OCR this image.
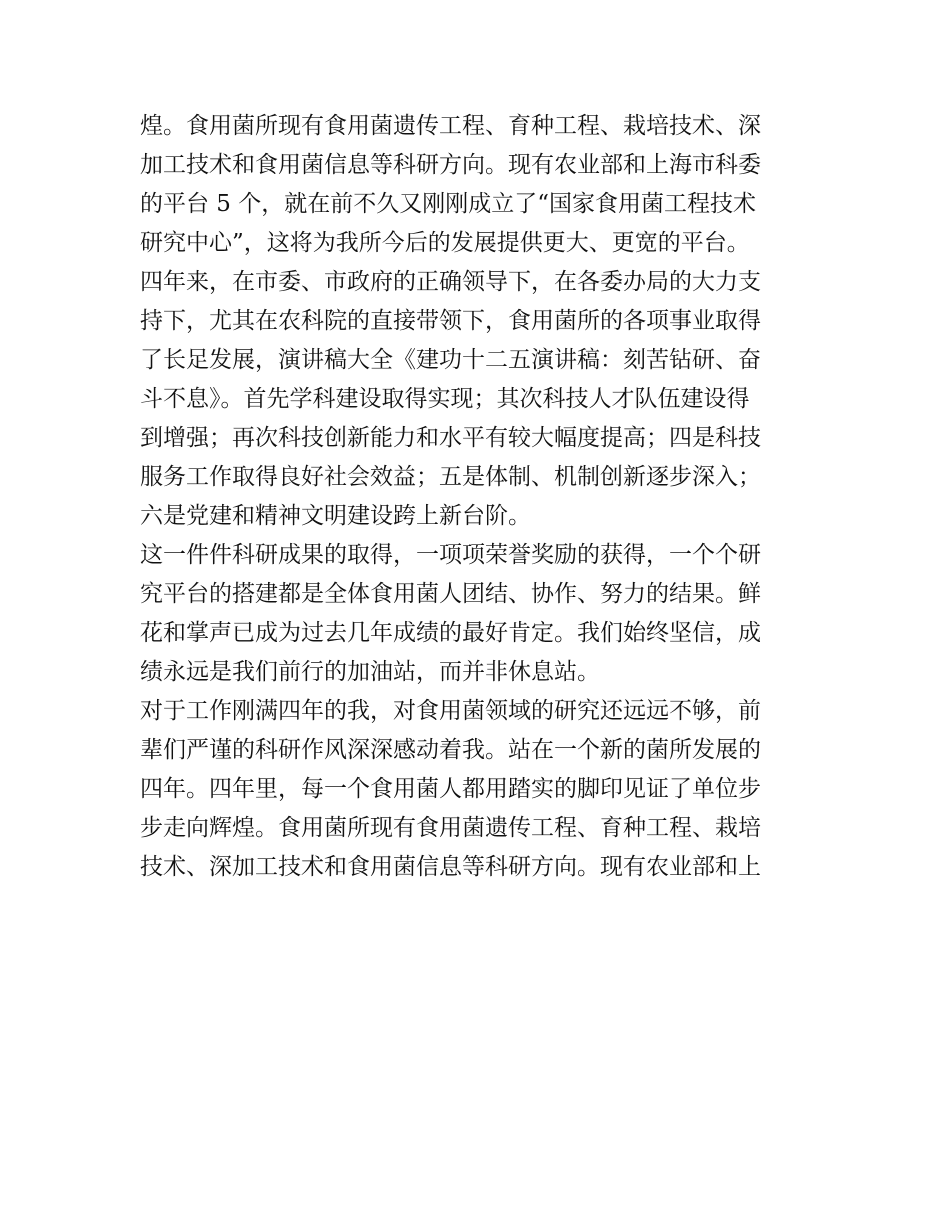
煌。食用菌所现有食用菌遗传工程、育种工程、栽培技术、深

加工技术和食用菌信息等科研方向。现有农业部和上海市科委

的平台 5 个，就在前不久又刚刚成立了“国家食用菌工程技术

研究中心”，这将为我所今后的发展提供更大、更宽的平台。

四年来，在市委、市政府的正确领导下，在各委办局的大力支

持下，尤其在农科院的直接带领下，食用菌所的各项事业取得

了长足发展，演讲稿大全《建功十二五演讲稿：刻苦钻研、奋

斗不息》。首先学科建设取得实现；其次科技人才队伍建设得

到增强；再次科技创新能力和水平有较大幅度提高；四是科技

服务工作取得良好社会效益；五是体制、机制创新逐步深入；

六是党建和精神文明建设跨上新台阶。

这一件件科研成果的取得，一项项荣誉奖励的获得，一个个研

究平台的搭建都是全体食用菌人团结、协作、努力的结果。鲜

花和掌声已成为过去几年成绩的最好肯定。我们始终坚信，成

绩永远是我们前行的加油站，而并非休息站。

对于工作刚满四年的我，对食用菌领域的研究还远远不够，前

辈们严谨的科研作风深深感动着我。站在一个新的菌所发展的

四年。四年里，每一个食用菌人都用踏实的脚印见证了单位步

步走向辉煌。食用菌所现有食用菌遗传工程、育种工程、栽培

技术、深加工技术和食用菌信息等科研方向。现有农业部和上
